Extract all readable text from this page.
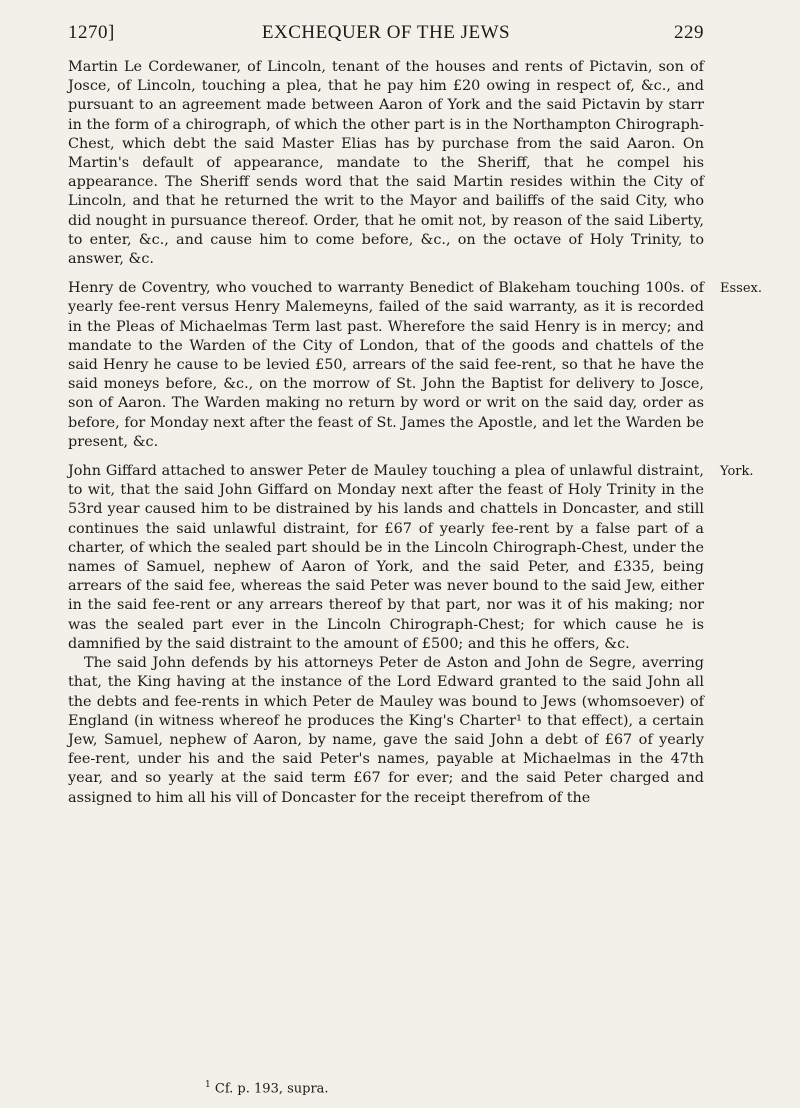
1270]	EXCHEQUER OF THE JEWS	229

Martin Le Cordewaner, of Lincoln, tenant of the houses and rents of Pictavin, son of Josce, of Lincoln, touching a plea, that he pay him £20 owing in respect of, &c., and pursuant to an agreement made between Aaron of York and the said Pictavin by starr in the form of a chirograph, of which the other part is in the Northampton Chirograph-Chest, which debt the said Master Elias has by purchase from the said Aaron. On Martin's default of appearance, mandate to the Sheriff, that he compel his appearance. The Sheriff sends word that the said Martin resides within the City of Lincoln, and that he returned the writ to the Mayor and bailiffs of the said City, who did nought in pursuance thereof. Order, that he omit not, by reason of the said Liberty, to enter, &c., and cause him to come before, &c., on the octave of Holy Trinity, to answer, &c.

Henry de Coventry, who vouched to warranty Benedict of Blakeham touching 100s. of yearly fee-rent versus Henry Malemeyns, failed of the said warranty, as it is recorded in the Pleas of Michaelmas Term last past. Wherefore the said Henry is in mercy; and mandate to the Warden of the City of London, that of the goods and chattels of the said Henry he cause to be levied £50, arrears of the said fee-rent, so that he have the said moneys before, &c., on the morrow of St. John the Baptist for delivery to Josce, son of Aaron. The Warden making no return by word or writ on the said day, order as before, for Monday next after the feast of St. James the Apostle, and let the Warden be present, &c.
Essex.

John Giffard attached to answer Peter de Mauley touching a plea of unlawful distraint, to wit, that the said John Giffard on Monday next after the feast of Holy Trinity in the 53rd year caused him to be distrained by his lands and chattels in Doncaster, and still continues the said unlawful distraint, for £67 of yearly fee-rent by a false part of a charter, of which the sealed part should be in the Lincoln Chirograph-Chest, under the names of Samuel, nephew of Aaron of York, and the said Peter, and £335, being arrears of the said fee, whereas the said Peter was never bound to the said Jew, either in the said fee-rent or any arrears thereof by that part, nor was it of his making; nor was the sealed part ever in the Lincoln Chirograph-Chest; for which cause he is damnified by the said distraint to the amount of £500; and this he offers, &c.
York.

The said John defends by his attorneys Peter de Aston and John de Segre, averring that, the King having at the instance of the Lord Edward granted to the said John all the debts and fee-rents in which Peter de Mauley was bound to Jews (whomsoever) of England (in witness whereof he produces the King's Charter¹ to that effect), a certain Jew, Samuel, nephew of Aaron, by name, gave the said John a debt of £67 of yearly fee-rent, under his and the said Peter's names, payable at Michaelmas in the 47th year, and so yearly at the said term £67 for ever; and the said Peter charged and assigned to him all his vill of Doncaster for the receipt therefrom of the

$^1$ Cf. p. 193, supra.
